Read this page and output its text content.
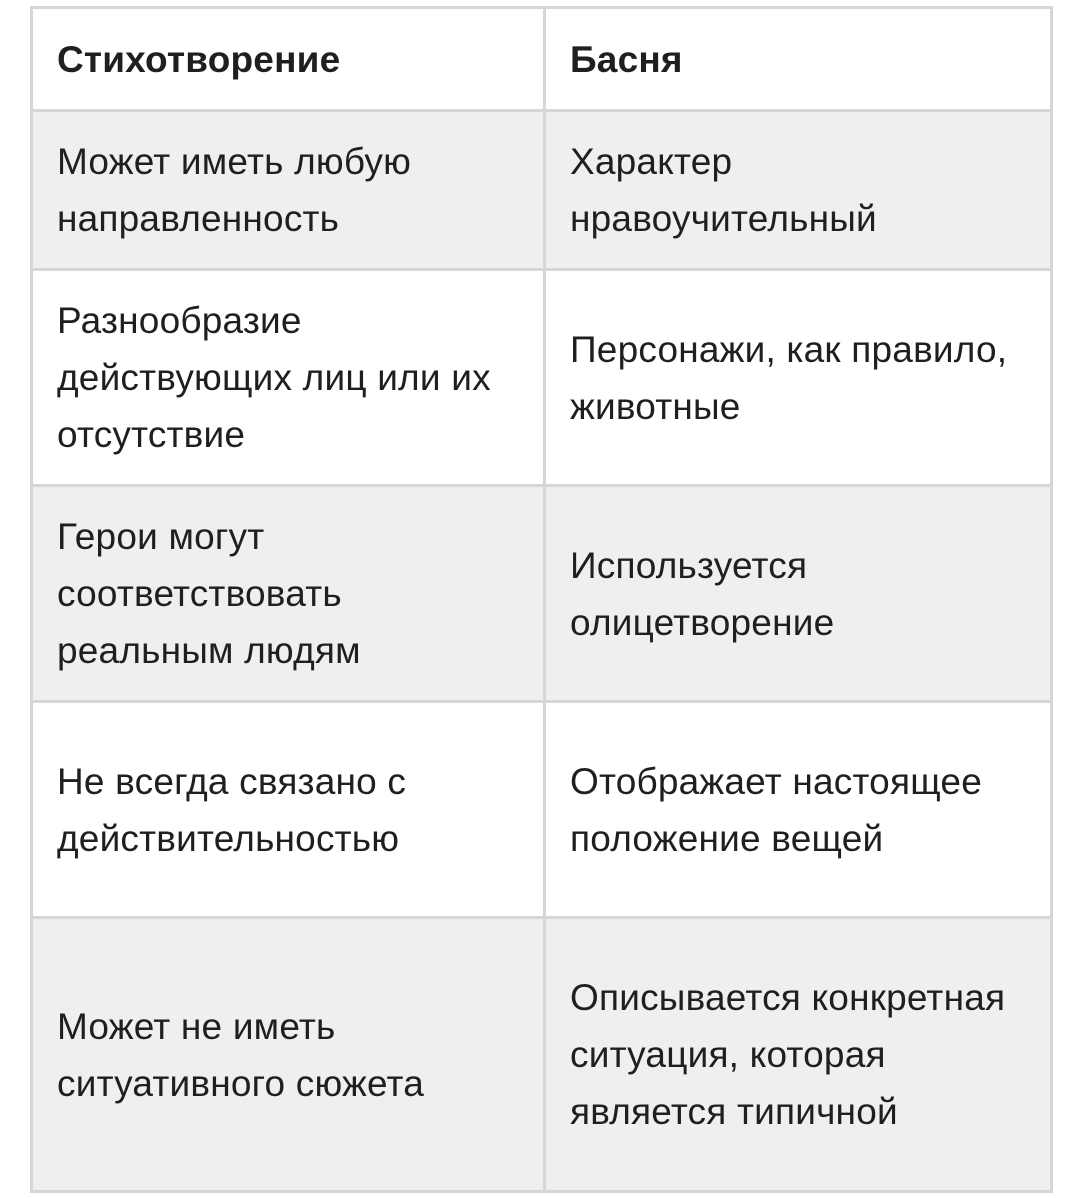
Стихотворение	Басня
Может иметь любую направленность	Характер нравоучительный
Разнообразие действующих лиц или их отсутствие	Персонажи, как правило, животные
Герои могут соответствовать реальным людям	Используется олицетворение
Не всегда связано с действительностью	Отображает настоящее положение вещей
Может не иметь ситуативного сюжета	Описывается конкретная ситуация, которая является типичной
